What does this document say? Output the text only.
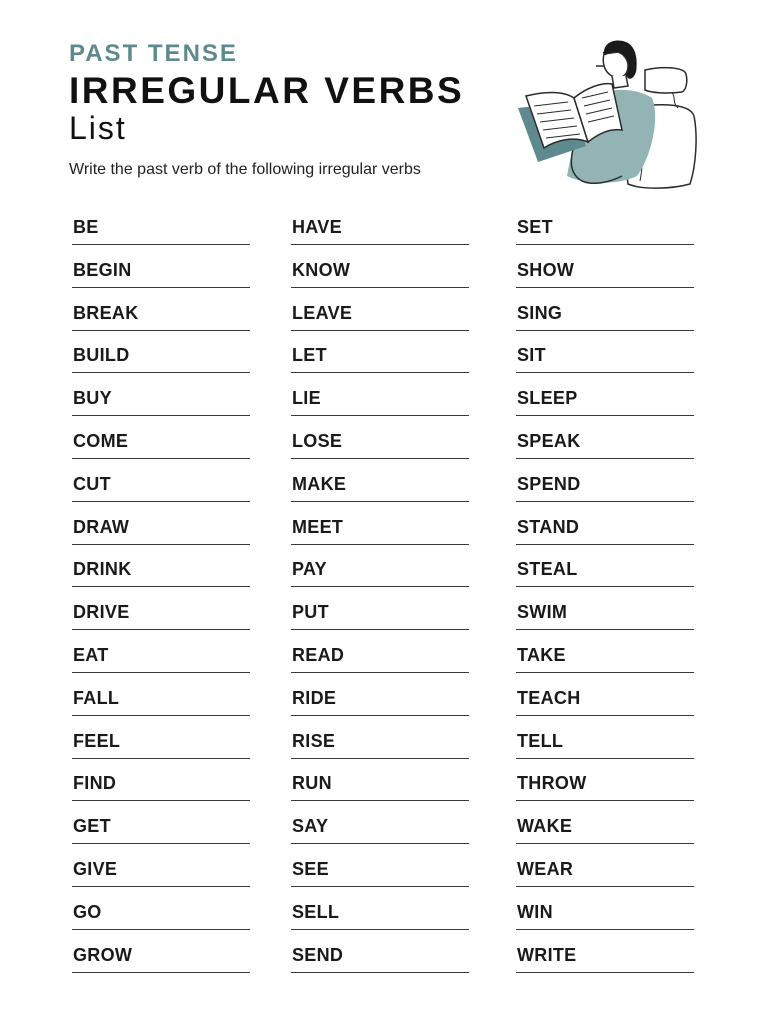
PAST TENSE
IRREGULAR VERBS
List
Write the past verb of the following irregular verbs
BE
BEGIN
BREAK
BUILD
BUY
COME
CUT
DRAW
DRINK
DRIVE
EAT
FALL
FEEL
FIND
GET
GIVE
GO
GROW
HAVE
KNOW
LEAVE
LET
LIE
LOSE
MAKE
MEET
PAY
PUT
READ
RIDE
RISE
RUN
SAY
SEE
SELL
SEND
SET
SHOW
SING
SIT
SLEEP
SPEAK
SPEND
STAND
STEAL
SWIM
TAKE
TEACH
TELL
THROW
WAKE
WEAR
WIN
WRITE
